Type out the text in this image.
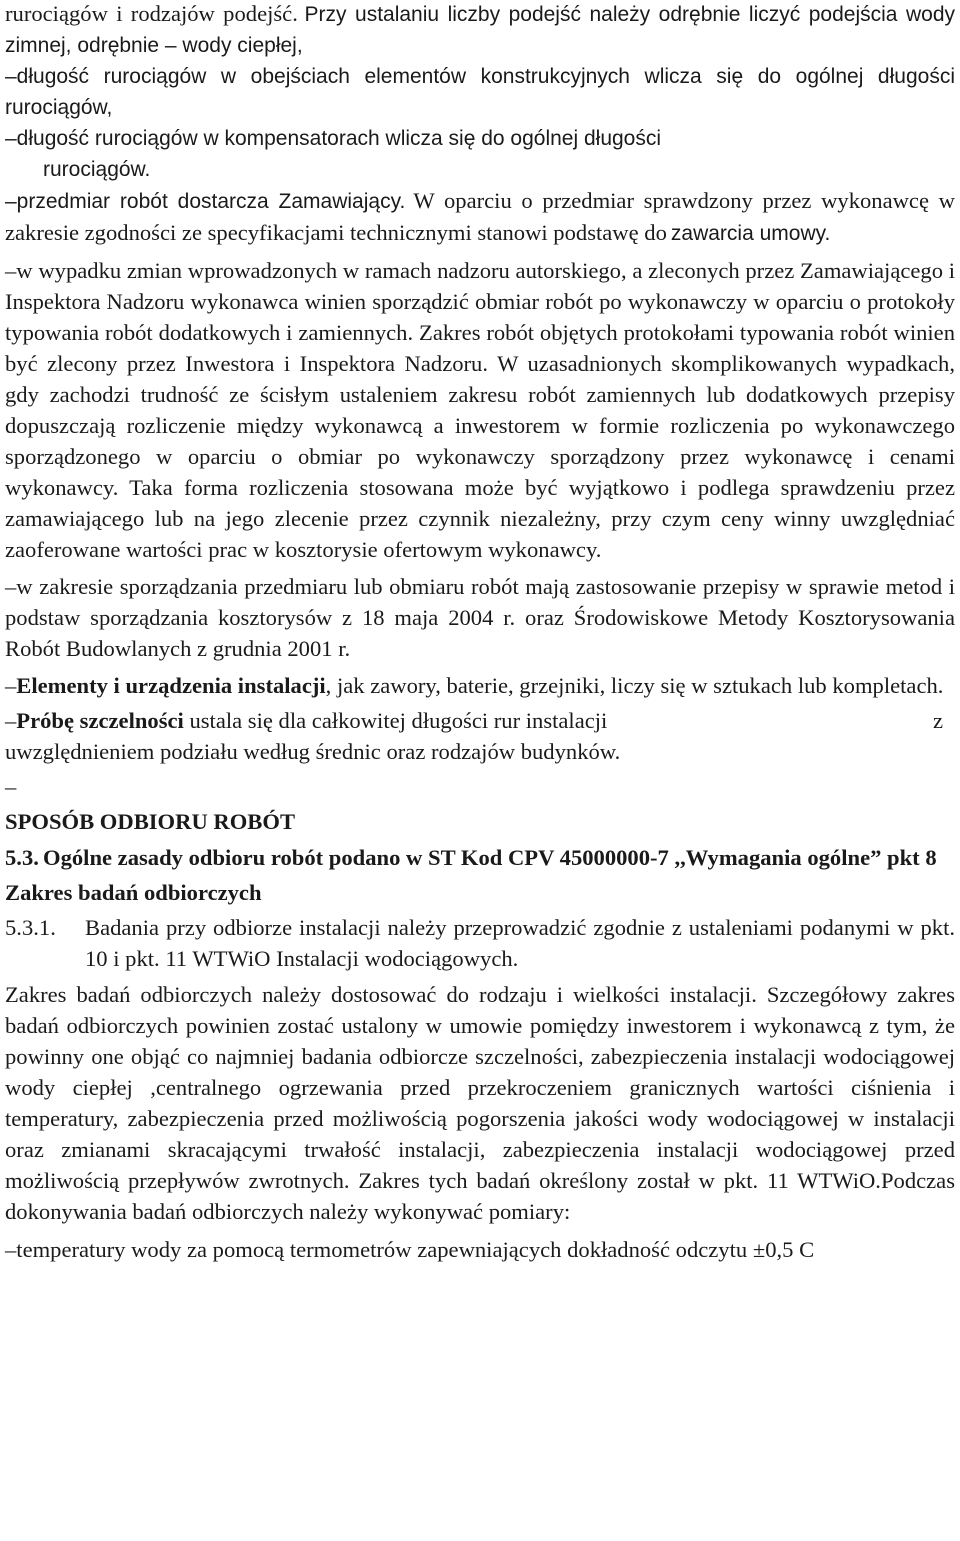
rurociągów i rodzajów podejść. Przy ustalaniu liczby podejść należy odrębnie liczyć podejścia wody zimnej, odrębnie – wody ciepłej,

–długość rurociągów w obejściach elementów konstrukcyjnych wlicza się do ogólnej długości rurociągów,

–długość rurociągów w kompensatorach wlicza się do ogólnej długości
rurociągów.

–przedmiar robót dostarcza Zamawiający. W oparciu o przedmiar sprawdzony przez wykonawcę w zakresie zgodności ze specyfikacjami technicznymi stanowi podstawę do zawarcia umowy.

–w wypadku zmian wprowadzonych w ramach nadzoru autorskiego, a zleconych przez Zamawiającego i Inspektora Nadzoru wykonawca winien sporządzić obmiar robót po wykonawczy w oparciu o protokoły typowania robót dodatkowych i zamiennych. Zakres robót objętych protokołami typowania robót winien być zlecony przez Inwestora i Inspektora Nadzoru. W uzasadnionych skomplikowanych wypadkach, gdy zachodzi trudność ze ścisłym ustaleniem zakresu robót zamiennych lub dodatkowych przepisy dopuszczają rozliczenie między wykonawcą a inwestorem w formie rozliczenia po wykonawczego sporządzonego w oparciu o obmiar po wykonawczy sporządzony przez wykonawcę i cenami wykonawcy. Taka forma rozliczenia stosowana może być wyjątkowo i podlega sprawdzeniu przez zamawiającego lub na jego zlecenie przez czynnik niezależny, przy czym ceny winny uwzględniać zaoferowane wartości prac w kosztorysie ofertowym wykonawcy.

–w zakresie sporządzania przedmiaru lub obmiaru robót mają zastosowanie przepisy w sprawie metod i podstaw sporządzania kosztorysów z 18 maja 2004 r. oraz Środowiskowe Metody Kosztorysowania Robót Budowlanych z grudnia 2001 r.

–Elementy i urządzenia instalacji, jak zawory, baterie, grzejniki, liczy się w sztukach lub kompletach.

–Próbę szczelności ustala się dla całkowitej długości rur instalacji	z

uwzględnieniem podziału według średnic oraz rodzajów budynków.

–

SPOSÓB ODBIORU ROBÓT

5.3. Ogólne zasady odbioru robót podano w ST Kod CPV 45000000-7 ,,Wymagania ogólne” pkt 8

Zakres badań odbiorczych

5.3.1.	Badania przy odbiorze instalacji należy przeprowadzić zgodnie z ustaleniami podanymi w pkt. 10 i pkt. 11 WTWiO Instalacji wodociągowych.

Zakres badań odbiorczych należy dostosować do rodzaju i wielkości instalacji. Szczegółowy zakres badań odbiorczych powinien zostać ustalony w umowie pomiędzy inwestorem i wykonawcą z tym, że powinny one objąć co najmniej badania odbiorcze szczelności, zabezpieczenia instalacji wodociągowej wody ciepłej ,centralnego ogrzewania przed przekroczeniem granicznych wartości ciśnienia i temperatury, zabezpieczenia przed możliwością pogorszenia jakości wody wodociągowej w instalacji oraz zmianami skracającymi trwałość instalacji, zabezpieczenia instalacji wodociągowej przed możliwością przepływów zwrotnych. Zakres tych badań określony został w pkt. 11 WTWiO.Podczas dokonywania badań odbiorczych należy wykonywać pomiary:

–temperatury wody za pomocą termometrów zapewniających dokładność odczytu ±0,5 C
